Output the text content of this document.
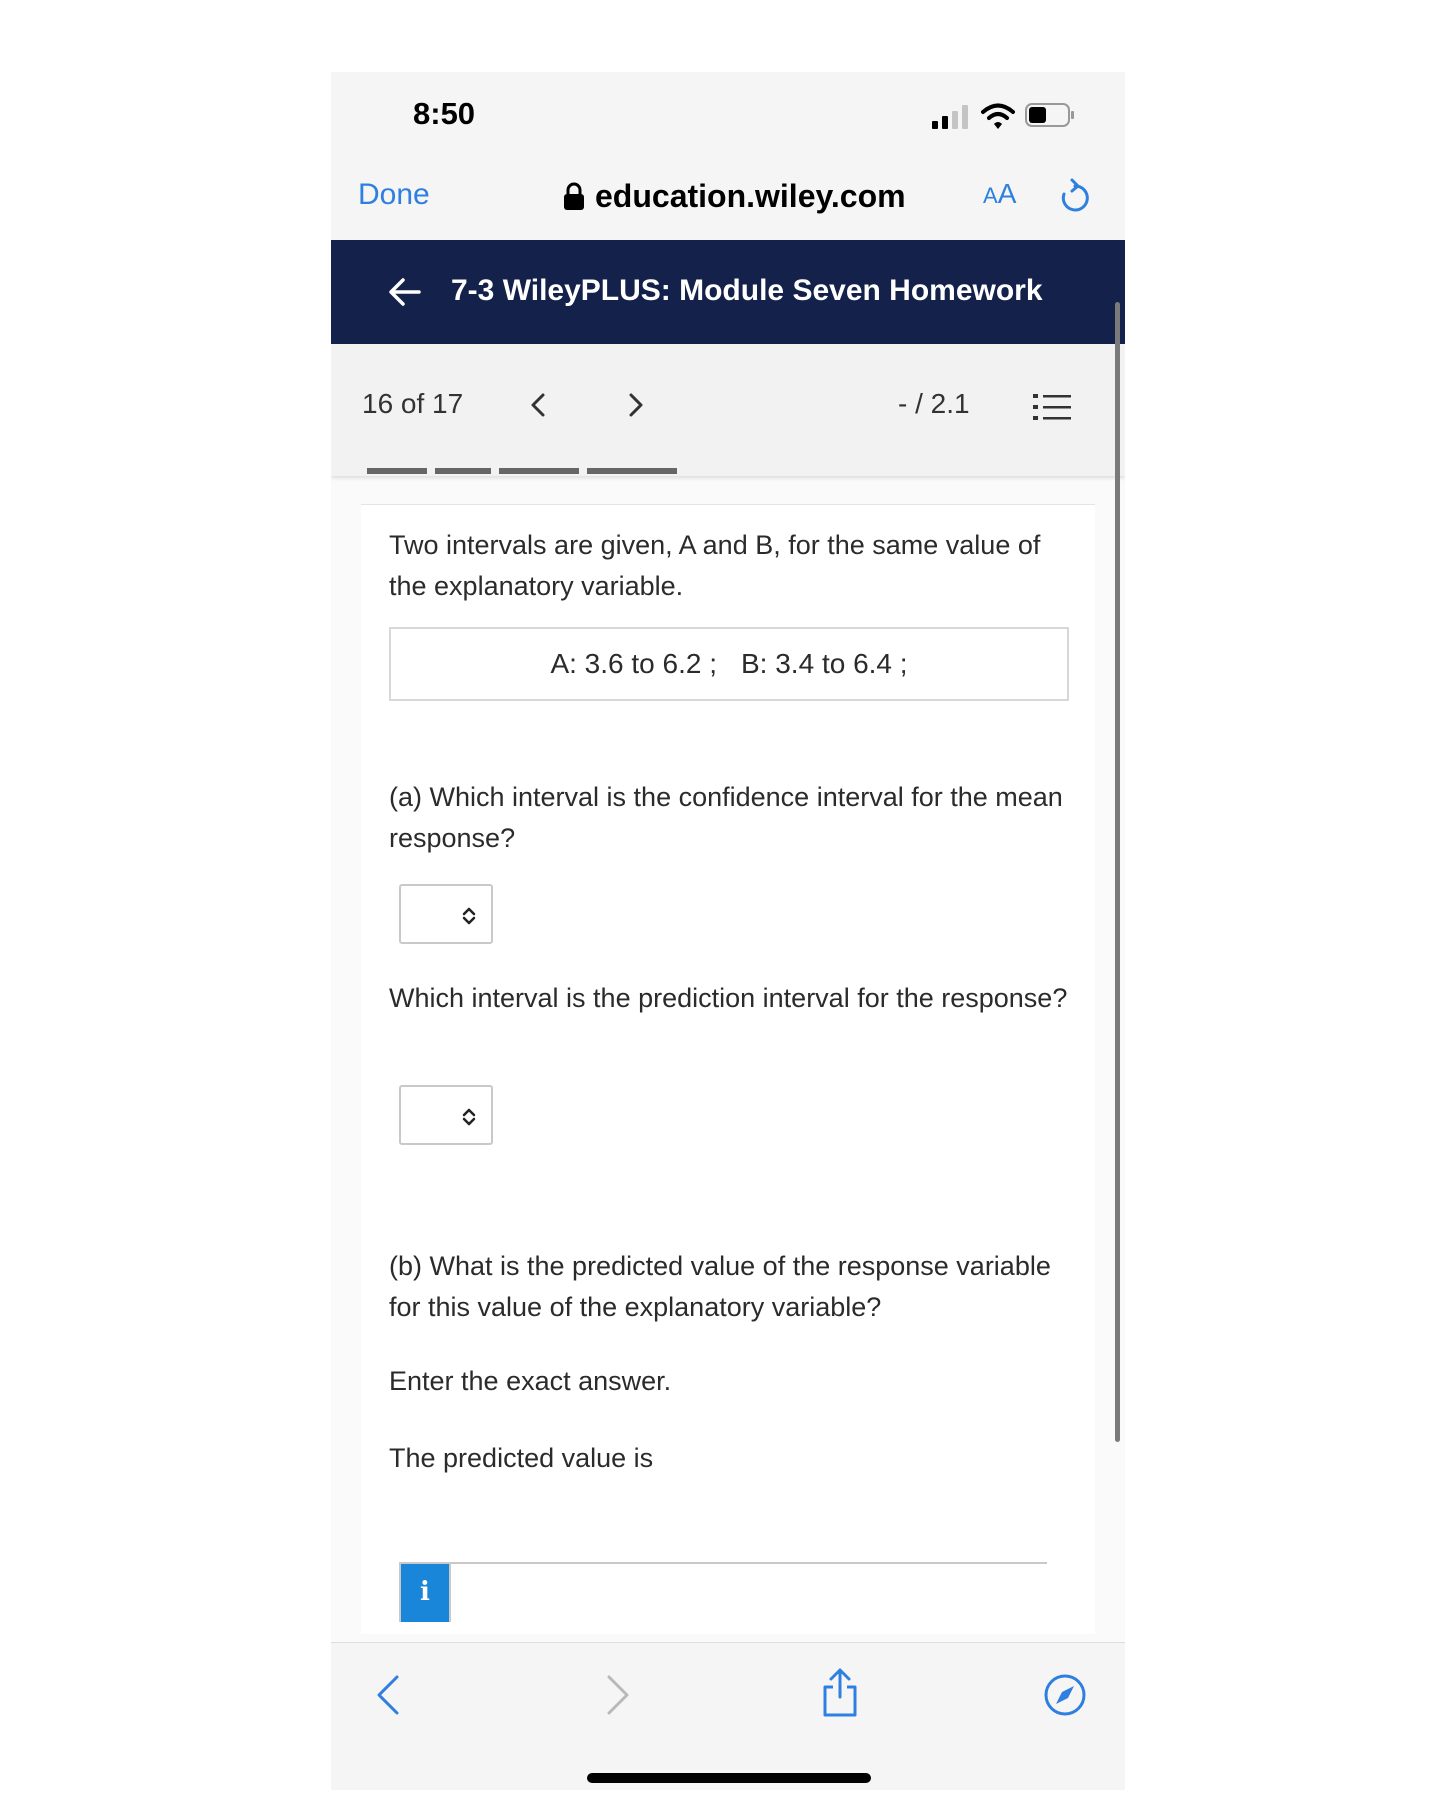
8:50
Done	education.wiley.com	AA
7-3 WileyPLUS: Module Seven Homework
16 of 17	- / 2.1
Two intervals are given, A and B, for the same value of the explanatory variable.
A: 3.6 to 6.2 ; B: 3.4 to 6.4 ;
(a) Which interval is the confidence interval for the mean response?
Which interval is the prediction interval for the response?
(b) What is the predicted value of the response variable for this value of the explanatory variable?
Enter the exact answer.
The predicted value is
i
